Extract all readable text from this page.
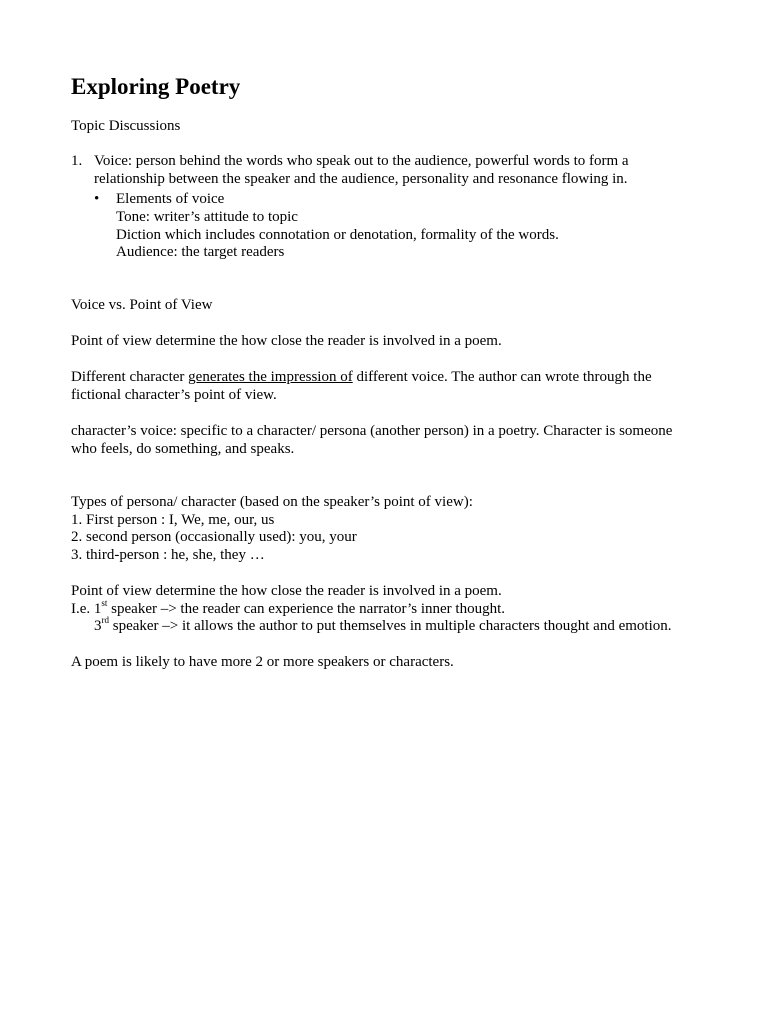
Exploring Poetry

Topic Discussions

1. Voice: person behind the words who speak out to the audience, powerful words to form a
relationship between the speaker and the audience, personality and resonance flowing in.
• Elements of voice
Tone: writer’s attitude to topic
Diction which includes connotation or denotation, formality of the words.
Audience: the target readers

Voice vs. Point of View

Point of view determine the how close the reader is involved in a poem.

Different character generates the impression of different voice. The author can wrote through the
fictional character’s point of view.
character’s voice: specific to a character/ persona (another person) in a poetry. Character is someone
who feels, do something, and speaks.
Types of persona/ character (based on the speaker’s point of view):
1. First person : I, We, me, our, us
2. second person (occasionally used): you, your
3. third-person : he, she, they …
Point of view determine the how close the reader is involved in a poem.
I.e. 1st speaker –> the reader can experience the narrator’s inner thought.
3rd speaker –> it allows the author to put themselves in multiple characters thought and emotion.

A poem is likely to have more 2 or more speakers or characters.
